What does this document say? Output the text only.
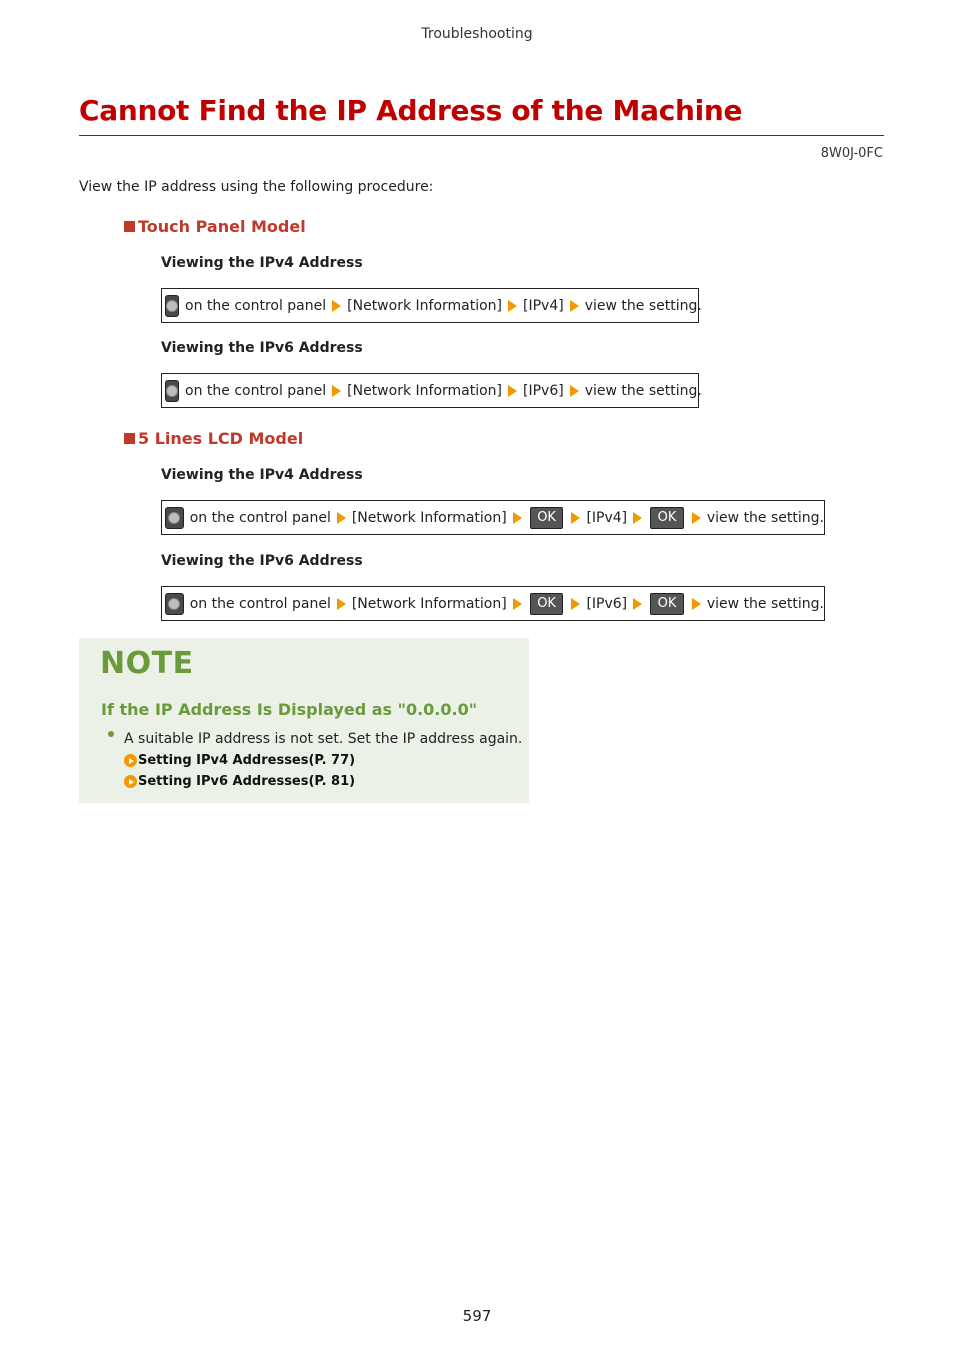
Troubleshooting
Cannot Find the IP Address of the Machine
8W0J-0FC
View the IP address using the following procedure:
Touch Panel Model
Viewing the IPv4 Address
on the control panel [Network Information] [IPv4] view the setting.
Viewing the IPv6 Address
on the control panel [Network Information] [IPv6] view the setting.
5 Lines LCD Model
Viewing the IPv4 Address
on the control panel [Network Information]	OK	[IPv4]	OK	view the setting.
Viewing the IPv6 Address
on the control panel [Network Information]	OK	[IPv6]	OK	view the setting.
NOTE
If the IP Address Is Displayed as "0.0.0.0"
A suitable IP address is not set. Set the IP address again.
Setting IPv4 Addresses(P. 77)
Setting IPv6 Addresses(P. 81)
597
